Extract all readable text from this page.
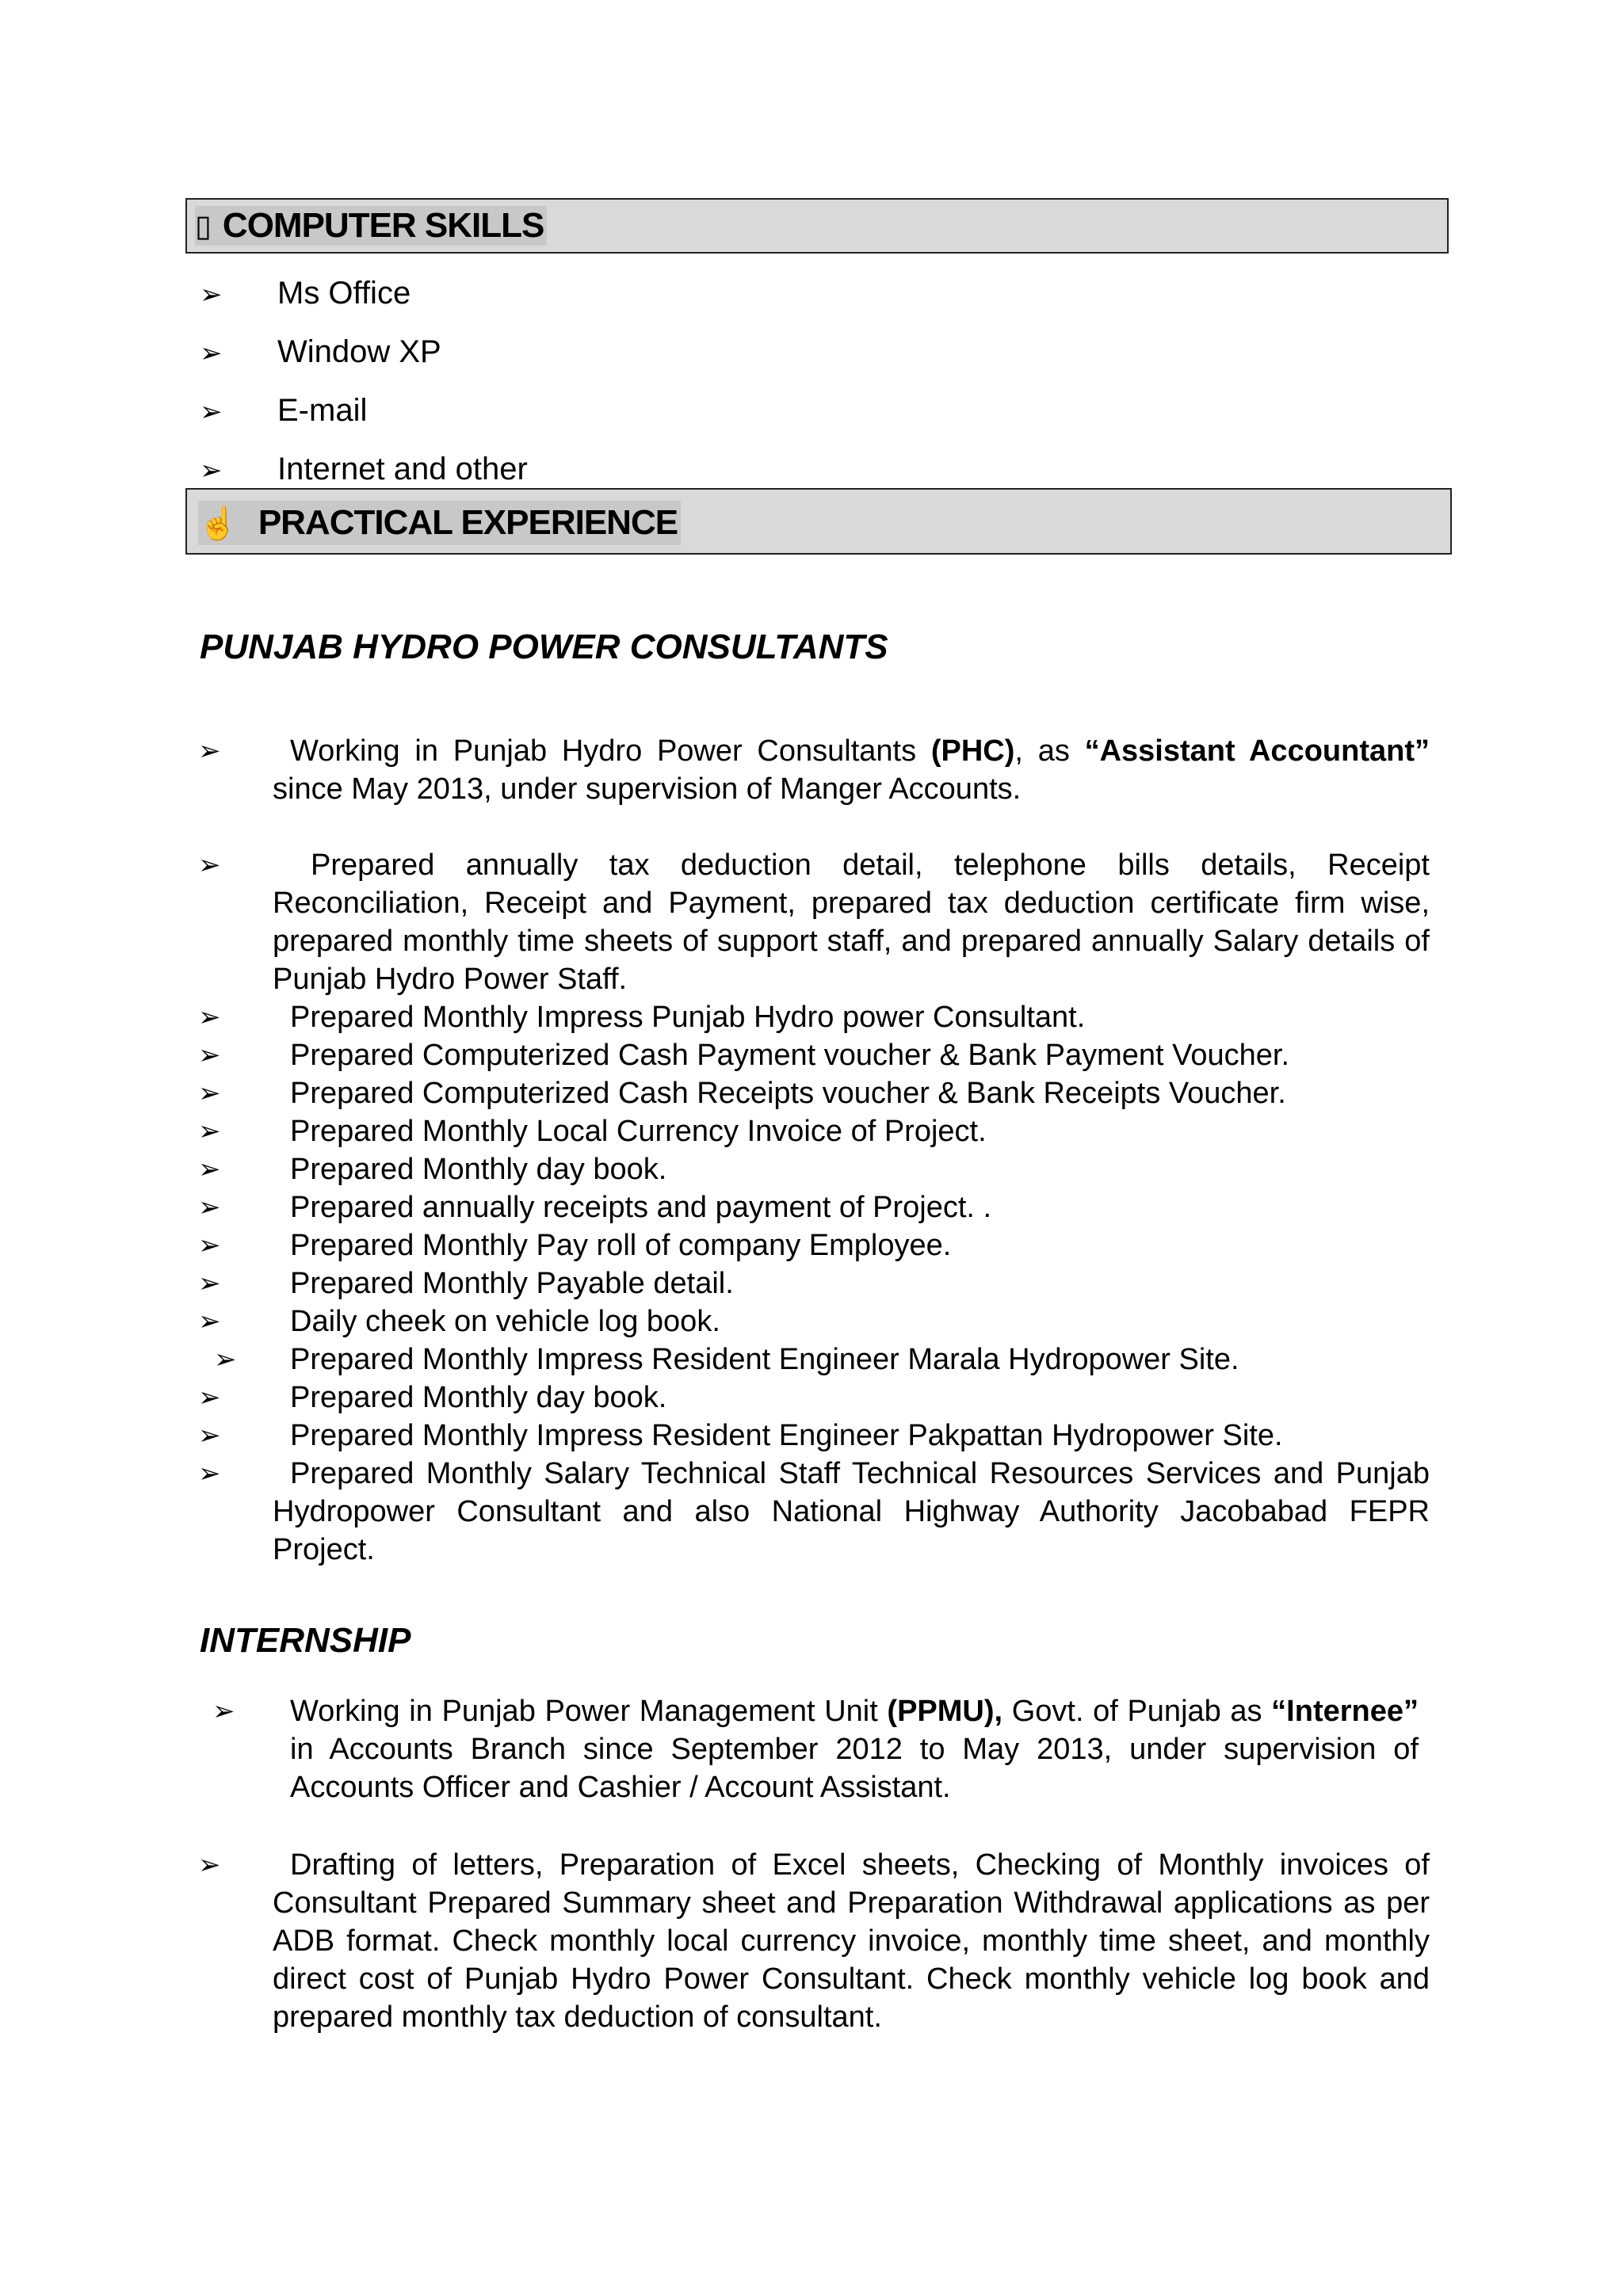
▯ COMPUTER SKILLS
➢ Ms Office
➢ Window XP
➢ E-mail
➢ Internet and other
☝ PRACTICAL EXPERIENCE
PUNJAB HYDRO POWER CONSULTANTS
➢	Working in Punjab Hydro Power Consultants (PHC), as “Assistant Accountant” since May 2013, under supervision of Manger Accounts.
➢	Prepared annually tax deduction detail, telephone bills details, Receipt Reconciliation, Receipt and Payment, prepared tax deduction certificate firm wise, prepared monthly time sheets of support staff, and prepared annually Salary details of Punjab Hydro Power Staff.
➢ Prepared Monthly Impress Punjab Hydro power Consultant.
➢ Prepared Computerized Cash Payment voucher & Bank Payment Voucher.
➢ Prepared Computerized Cash Receipts voucher & Bank Receipts Voucher.
➢ Prepared Monthly Local Currency Invoice of Project.
➢ Prepared Monthly day book.
➢ Prepared annually receipts and payment of Project. .
➢ Prepared Monthly Pay roll of company Employee.
➢ Prepared Monthly Payable detail.
➢ Daily cheek on vehicle log book.
➢ Prepared Monthly Impress Resident Engineer Marala Hydropower Site.
➢ Prepared Monthly day book.
➢ Prepared Monthly Impress Resident Engineer Pakpattan Hydropower Site.
➢	Prepared Monthly Salary Technical Staff Technical Resources Services and Punjab Hydropower Consultant and also National Highway Authority Jacobabad FEPR Project.
INTERNSHIP
➢ Working in Punjab Power Management Unit (PPMU), Govt. of Punjab as “Internee” in Accounts Branch since September 2012 to May 2013, under supervision of Accounts Officer and Cashier / Account Assistant.
➢	Drafting of letters, Preparation of Excel sheets, Checking of Monthly invoices of Consultant Prepared Summary sheet and Preparation Withdrawal applications as per ADB format. Check monthly local currency invoice, monthly time sheet, and monthly direct cost of Punjab Hydro Power Consultant. Check monthly vehicle log book and prepared monthly tax deduction of consultant.
